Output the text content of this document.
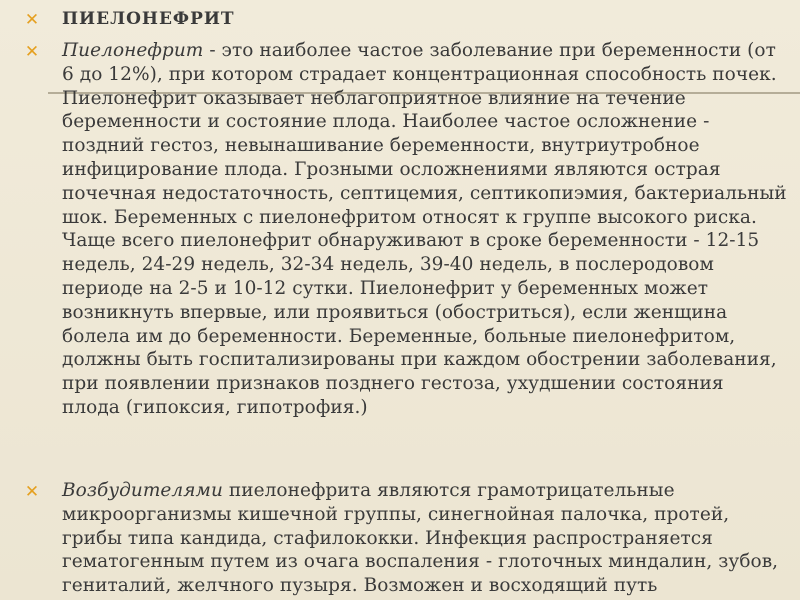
✕ ПИЕЛОНЕФРИТ
✕ Пиелонефрит - это наиболее частое заболевание при беременности (от 6 до 12%), при котором страдает концентрационная способность почек. Пиелонефрит оказывает неблагоприятное влияние на течение беременности и состояние плода. Наиболее частое осложнение - поздний гестоз, невынашивание беременности, внутриутробное инфицирование плода. Грозными осложнениями являются острая почечная недостаточность, септицемия, септикопиэмия, бактериальный шок. Беременных с пиелонефритом относят к группе высокого риска. Чаще всего пиелонефрит обнаруживают в сроке беременности - 12-15 недель, 24-29 недель, 32-34 недель, 39-40 недель, в послеродовом периоде на 2-5 и 10-12 сутки. Пиелонефрит у беременных может возникнуть впервые, или проявиться (обостриться), если женщина болела им до беременности. Беременные, больные пиелонефритом, должны быть госпитализированы при каждом обострении заболевания, при появлении признаков позднего гестоза, ухудшении состояния плода (гипоксия, гипотрофия.)
✕ Возбудителями пиелонефрита являются грамотрицательные микроорганизмы кишечной группы, синегнойная палочка, протей, грибы типа кандида, стафилококки. Инфекция распространяется гематогенным путем из очага воспаления - глоточных миндалин, зубов, гениталий, желчного пузыря. Возможен и восходящий путь
